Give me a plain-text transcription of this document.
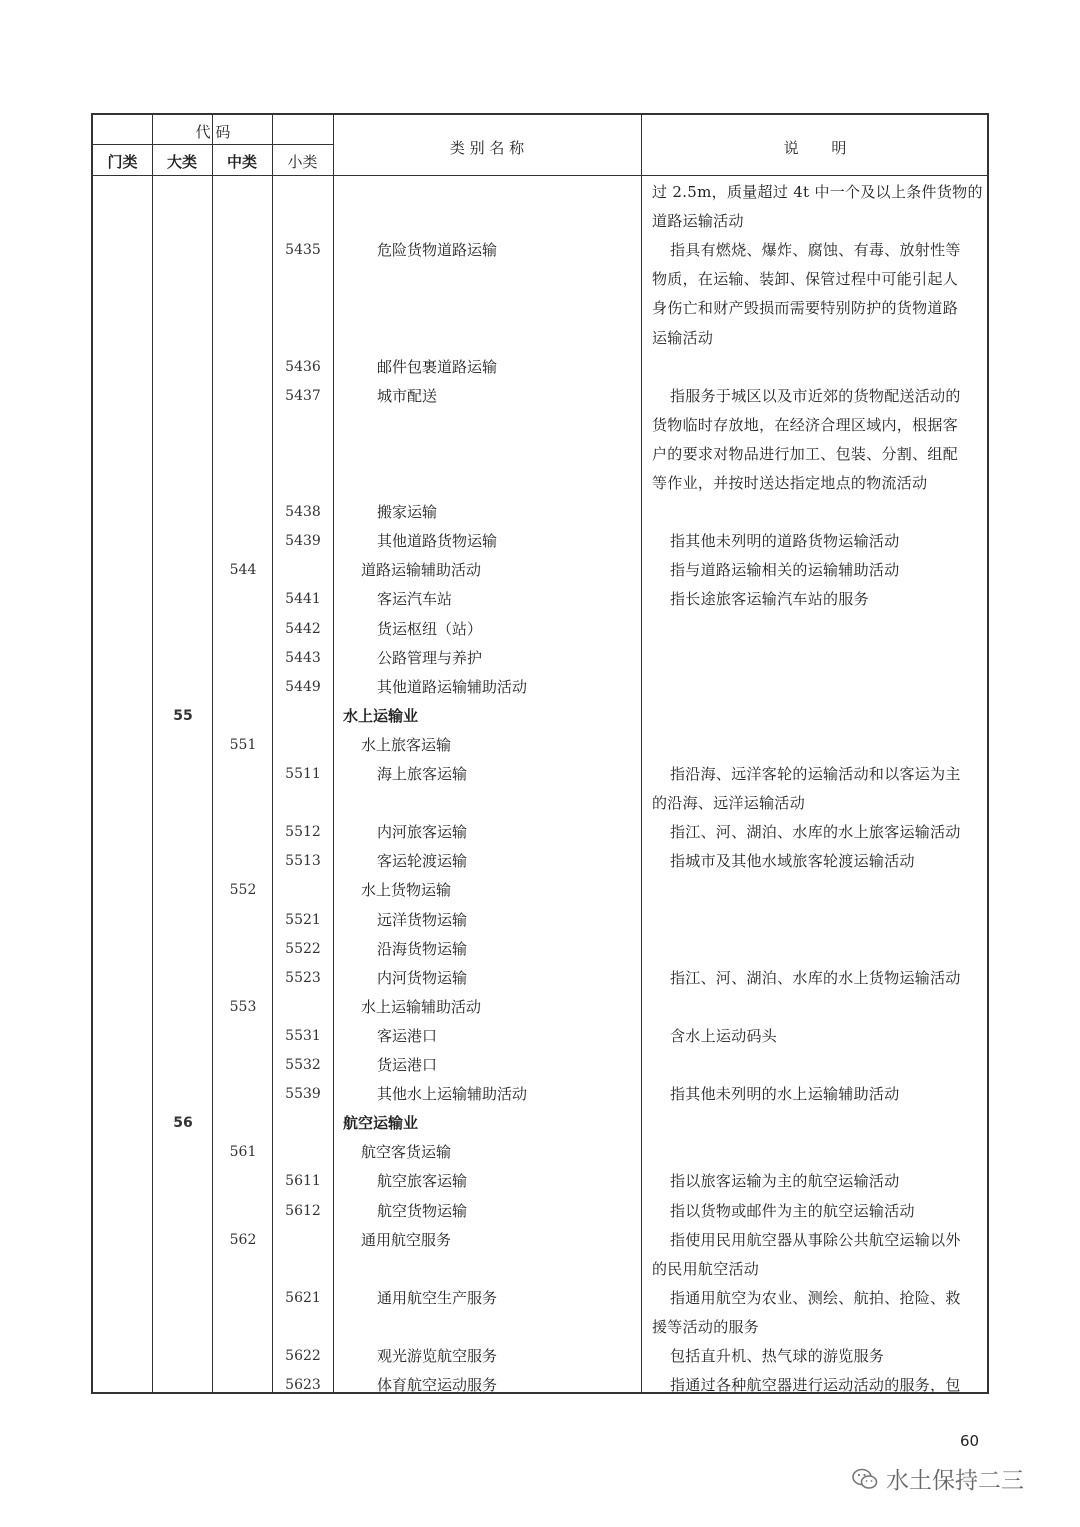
代 码
门类	大类	中类	小类
类 别 名 称	说 明
过 2.5m，质量超过 4t 中一个及以上条件货物的
道路运输活动
5435	危险货物道路运输	指具有燃烧、爆炸、腐蚀、有毒、放射性等
物质，在运输、装卸、保管过程中可能引起人
身伤亡和财产毁损而需要特别防护的货物道路
运输活动
5436	邮件包裹道路运输
5437	城市配送	指服务于城区以及市近郊的货物配送活动的
货物临时存放地，在经济合理区域内，根据客
户的要求对物品进行加工、包装、分割、组配
等作业，并按时送达指定地点的物流活动
5438	搬家运输
5439	其他道路货物运输	指其他未列明的道路货物运输活动
544	道路运输辅助活动	指与道路运输相关的运输辅助活动
5441	客运汽车站	指长途旅客运输汽车站的服务
5442	货运枢纽（站）
5443	公路管理与养护
5449	其他道路运输辅助活动
55	水上运输业
551	水上旅客运输
5511	海上旅客运输	指沿海、远洋客轮的运输活动和以客运为主
的沿海、远洋运输活动
5512	内河旅客运输	指江、河、湖泊、水库的水上旅客运输活动
5513	客运轮渡运输	指城市及其他水域旅客轮渡运输活动
552	水上货物运输
5521	远洋货物运输
5522	沿海货物运输
5523	内河货物运输	指江、河、湖泊、水库的水上货物运输活动
553	水上运输辅助活动
5531	客运港口	含水上运动码头
5532	货运港口
5539	其他水上运输辅助活动	指其他未列明的水上运输辅助活动
56	航空运输业
561	航空客货运输
5611	航空旅客运输	指以旅客运输为主的航空运输活动
5612	航空货物运输	指以货物或邮件为主的航空运输活动
562	通用航空服务	指使用民用航空器从事除公共航空运输以外
的民用航空活动
5621	通用航空生产服务	指通用航空为农业、测绘、航拍、抢险、救
援等活动的服务
5622	观光游览航空服务	包括直升机、热气球的游览服务
5623	体育航空运动服务	指通过各种航空器进行运动活动的服务，包
60
水土保持二三
